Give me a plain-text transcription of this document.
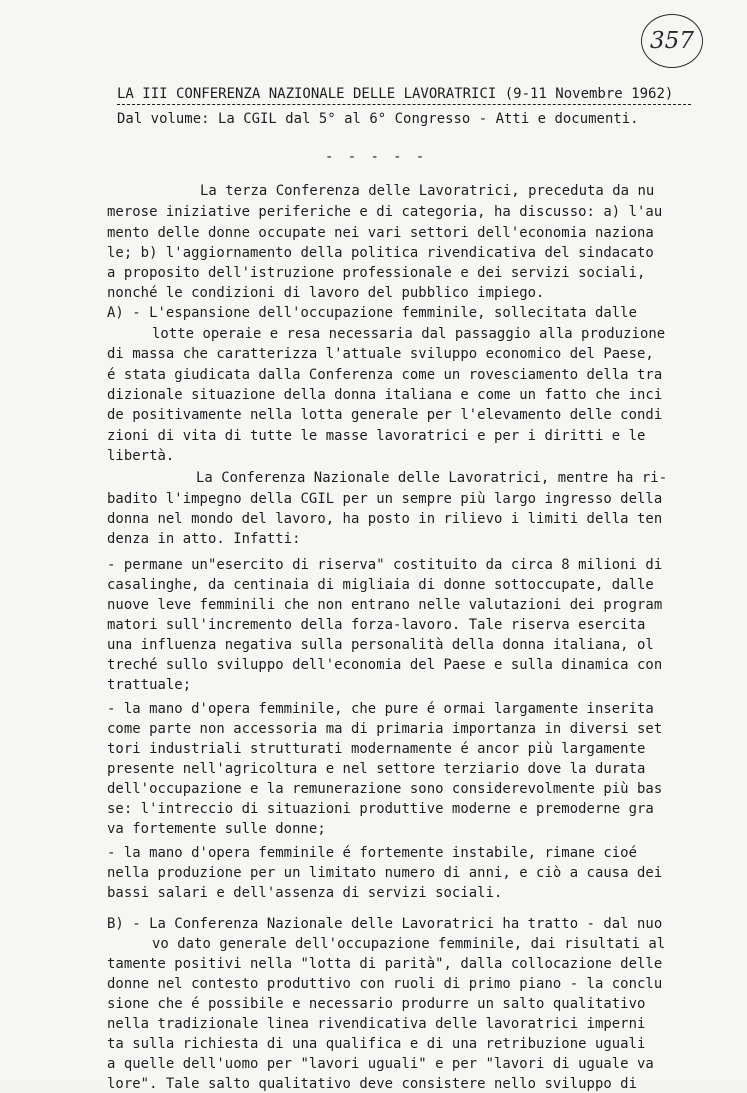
357
LA III CONFERENZA NAZIONALE DELLE LAVORATRICI (9-11 Novembre 1962)
Dal volume: La CGIL dal 5° al 6° Congresso - Atti e documenti.
- - - - -
La terza Conferenza delle Lavoratrici, preceduta da nu
merose iniziative periferiche e di categoria, ha discusso: a) l'au
mento delle donne occupate nei vari settori dell'economia naziona
le; b) l'aggiornamento della politica rivendicativa del sindacato
a proposito dell'istruzione professionale e dei servizi sociali,
nonché le condizioni di lavoro del pubblico impiego.
A) - L'espansione dell'occupazione femminile, sollecitata dalle
lotte operaie e resa necessaria dal passaggio alla produzione
di massa che caratterizza l'attuale sviluppo economico del Paese,
é stata giudicata dalla Conferenza come un rovesciamento della tra
dizionale situazione della donna italiana e come un fatto che inci
de positivamente nella lotta generale per l'elevamento delle condi
zioni di vita di tutte le masse lavoratrici e per i diritti e le
libertà.
La Conferenza Nazionale delle Lavoratrici, mentre ha ri-
badito l'impegno della CGIL per un sempre più largo ingresso della
donna nel mondo del lavoro, ha posto in rilievo i limiti della ten
denza in atto. Infatti:
- permane un"esercito di riserva" costituito da circa 8 milioni di
casalinghe, da centinaia di migliaia di donne sottoccupate, dalle
nuove leve femminili che non entrano nelle valutazioni dei program
matori sull'incremento della forza-lavoro. Tale riserva esercita
una influenza negativa sulla personalità della donna italiana, ol
treché sullo sviluppo dell'economia del Paese e sulla dinamica con
trattuale;
- la mano d'opera femminile, che pure é ormai largamente inserita
come parte non accessoria ma di primaria importanza in diversi set
tori industriali strutturati modernamente é ancor più largamente
presente nell'agricoltura e nel settore terziario dove la durata
dell'occupazione e la remunerazione sono considerevolmente più bas
se: l'intreccio di situazioni produttive moderne e premoderne gra
va fortemente sulle donne;
- la mano d'opera femminile é fortemente instabile, rimane cioé
nella produzione per un limitato numero di anni, e ciò a causa dei
bassi salari e dell'assenza di servizi sociali.
B) - La Conferenza Nazionale delle Lavoratrici ha tratto - dal nuo
vo dato generale dell'occupazione femminile, dai risultati al
tamente positivi nella "lotta di parità", dalla collocazione delle
donne nel contesto produttivo con ruoli di primo piano - la conclu
sione che é possibile e necessario produrre un salto qualitativo
nella tradizionale linea rivendicativa delle lavoratrici imperni
ta sulla richiesta di una qualifica e di una retribuzione uguali
a quelle dell'uomo per "lavori uguali" e per "lavori di uguale va
lore". Tale salto qualitativo deve consistere nello sviluppo di
